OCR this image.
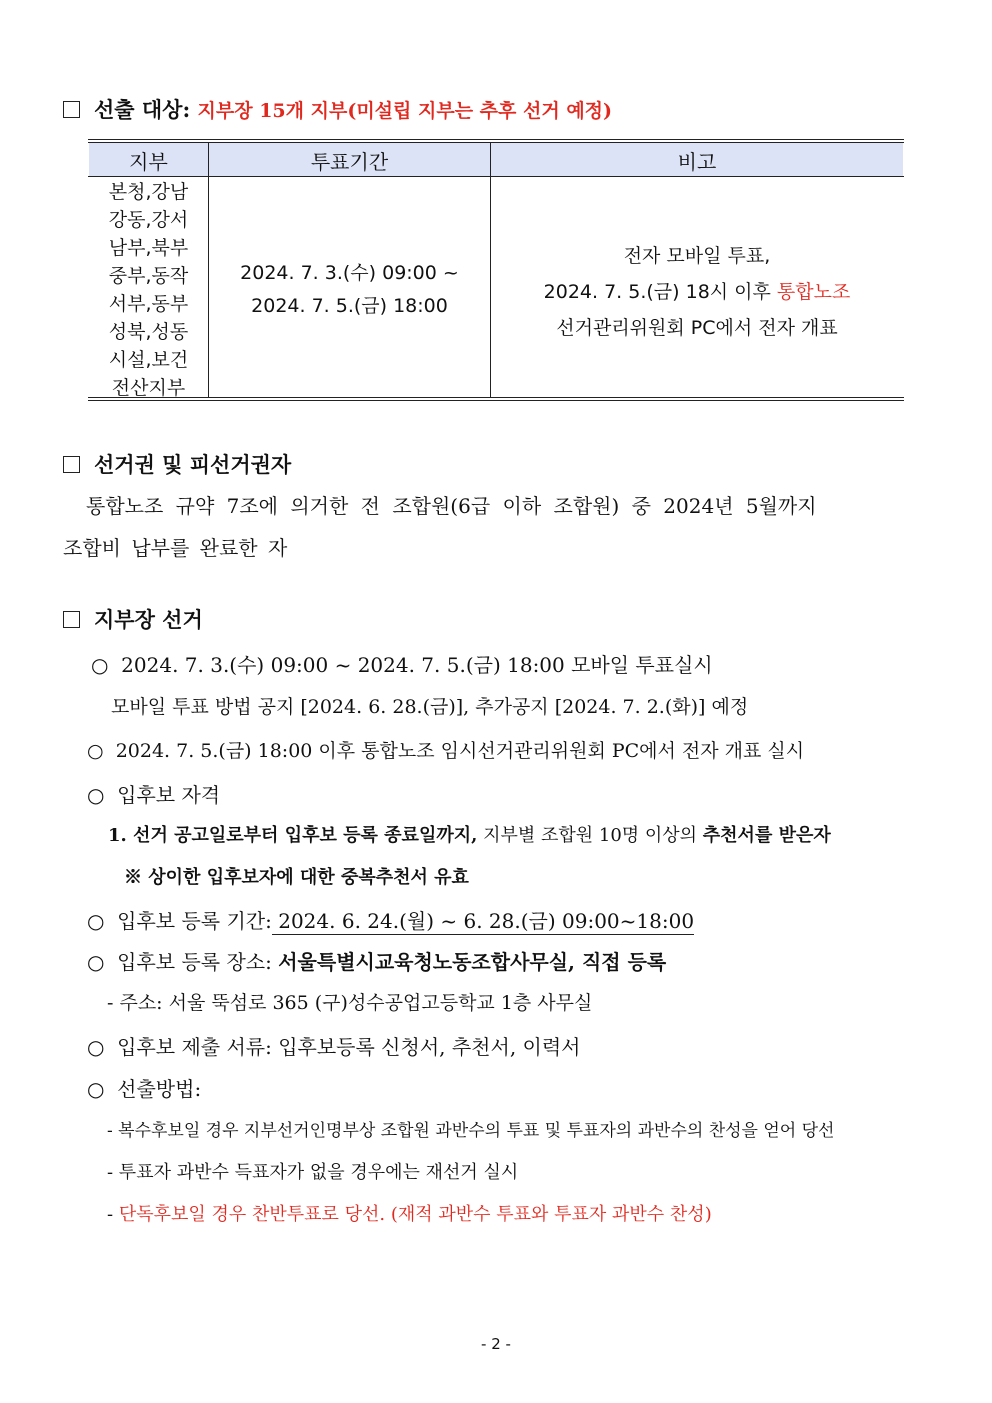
선출 대상: 지부장 15개 지부(미설립 지부는 추후 선거 예정)
지부	투표기간	비고
본청,강남
강동,강서
남부,북부
중부,동작
서부,동부
성북,성동
시설,보건
전산지부
2024. 7. 3.(수) 09:00 ~
2024. 7. 5.(금) 18:00
전자 모바일 투표,
2024. 7. 5.(금) 18시 이후 통합노조
선거관리위원회 PC에서 전자 개표
선거권 및 피선거권자
통합노조 규약 7조에 의거한 전 조합원(6급 이하 조합원) 중 2024년 5월까지
조합비 납부를 완료한 자
지부장 선거
○ 2024. 7. 3.(수) 09:00 ~ 2024. 7. 5.(금) 18:00 모바일 투표실시
모바일 투표 방법 공지 [2024. 6. 28.(금)], 추가공지 [2024. 7. 2.(화)] 예정
○ 2024. 7. 5.(금) 18:00 이후 통합노조 임시선거관리위원회 PC에서 전자 개표 실시
○ 입후보 자격
1. 선거 공고일로부터 입후보 등록 종료일까지, 지부별 조합원 10명 이상의 추천서를 받은자
※ 상이한 입후보자에 대한 중복추천서 유효
○ 입후보 등록 기간: 2024. 6. 24.(월) ~ 6. 28.(금) 09:00~18:00
○ 입후보 등록 장소: 서울특별시교육청노동조합사무실, 직접 등록
- 주소: 서울 뚝섬로 365 (구)성수공업고등학교 1층 사무실
○ 입후보 제출 서류: 입후보등록 신청서, 추천서, 이력서
○ 선출방법:
- 복수후보일 경우 지부선거인명부상 조합원 과반수의 투표 및 투표자의 과반수의 찬성을 얻어 당선
- 투표자 과반수 득표자가 없을 경우에는 재선거 실시
- 단독후보일 경우 찬반투표로 당선. (재적 과반수 투표와 투표자 과반수 찬성)
- 2 -
